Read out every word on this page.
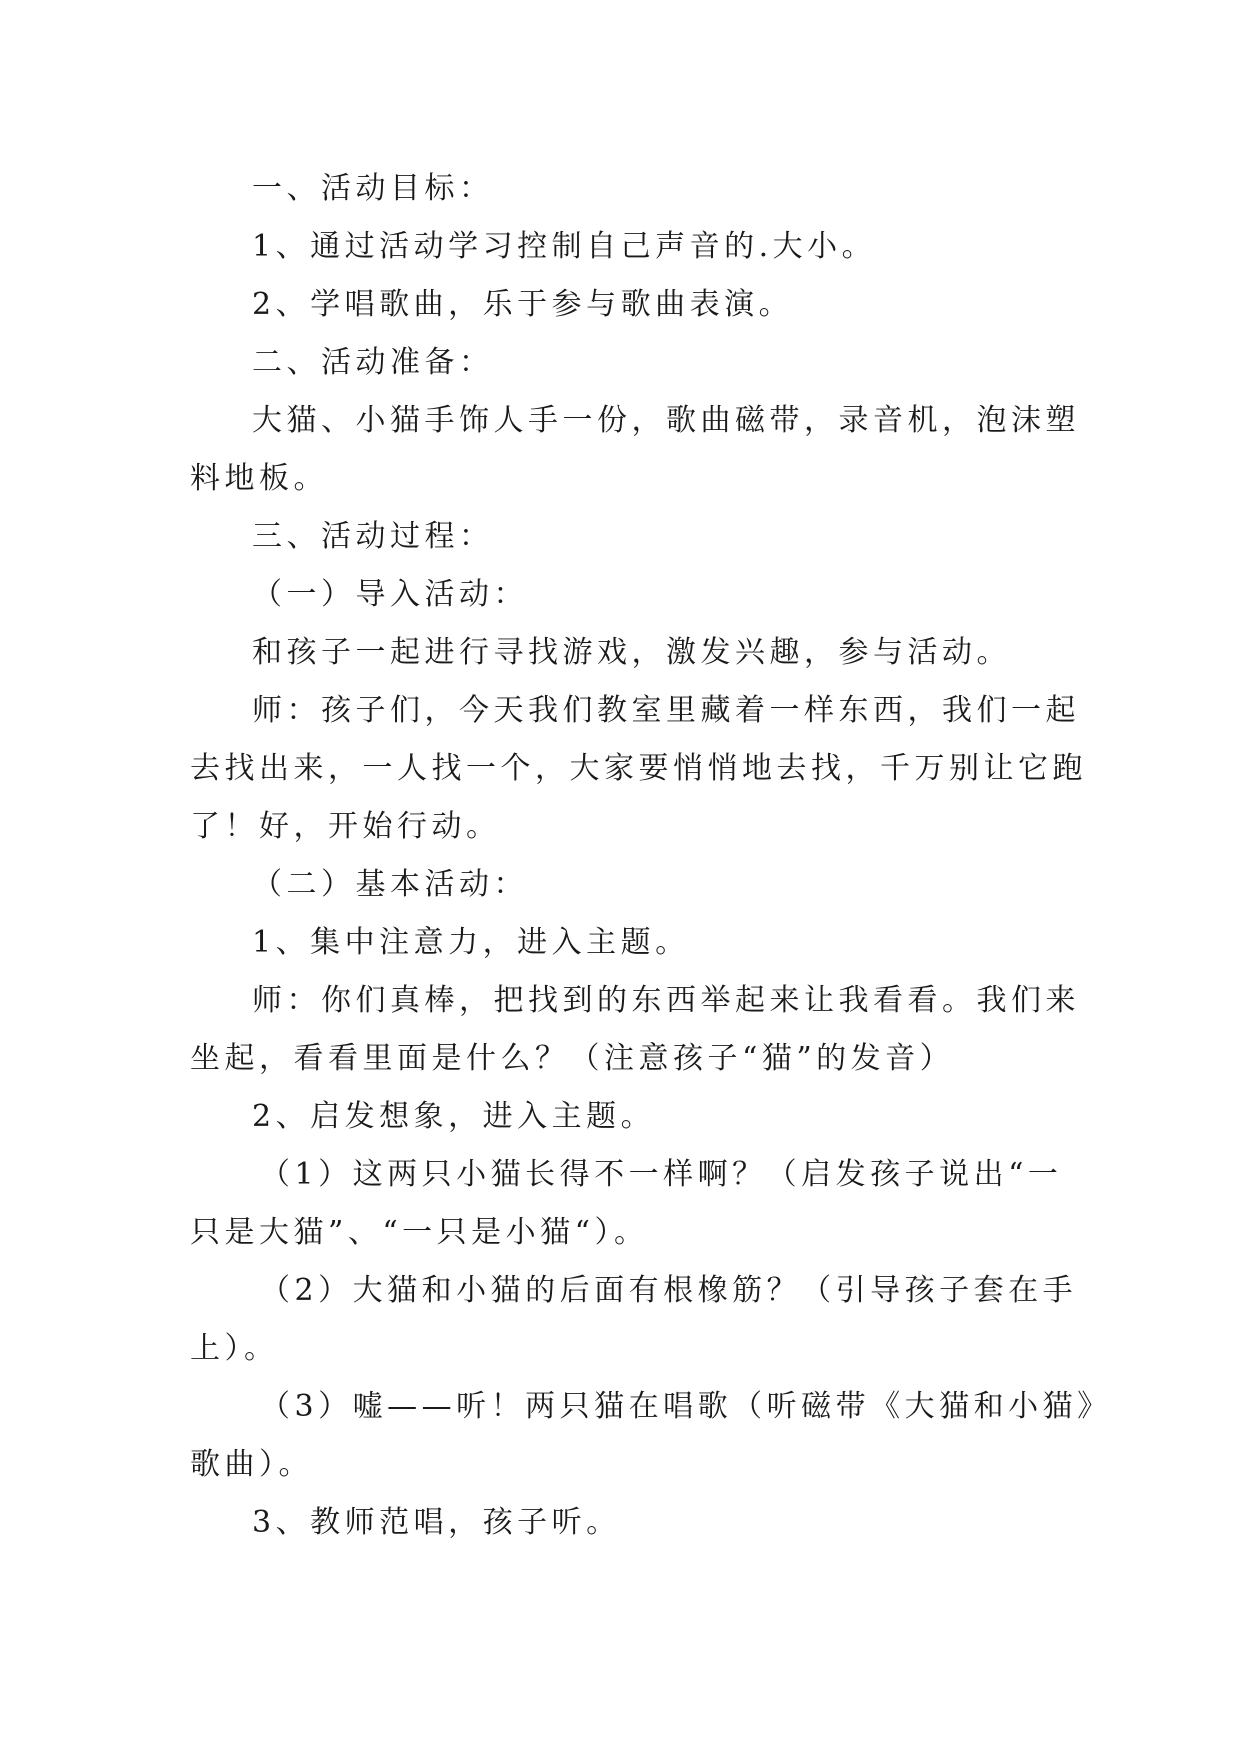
一、活动目标：
1、通过活动学习控制自己声音的.大小。
2、学唱歌曲，乐于参与歌曲表演。
二、活动准备：
大猫、小猫手饰人手一份，歌曲磁带，录音机，泡沫塑
料地板。
三、活动过程：
（一）导入活动：
和孩子一起进行寻找游戏，激发兴趣，参与活动。
师：孩子们，今天我们教室里藏着一样东西，我们一起
去找出来，一人找一个，大家要悄悄地去找，千万别让它跑
了！好，开始行动。
（二）基本活动：
1、集中注意力，进入主题。
师：你们真棒，把找到的东西举起来让我看看。我们来
坐起，看看里面是什么？（注意孩子“猫”的发音）
2、启发想象，进入主题。
（1）这两只小猫长得不一样啊？（启发孩子说出“一
只是大猫”、“一只是小猫“）。
（2）大猫和小猫的后面有根橡筋？（引导孩子套在手
上）。
（3）嘘——听！两只猫在唱歌（听磁带《大猫和小猫》
歌曲）。
3、教师范唱，孩子听。
